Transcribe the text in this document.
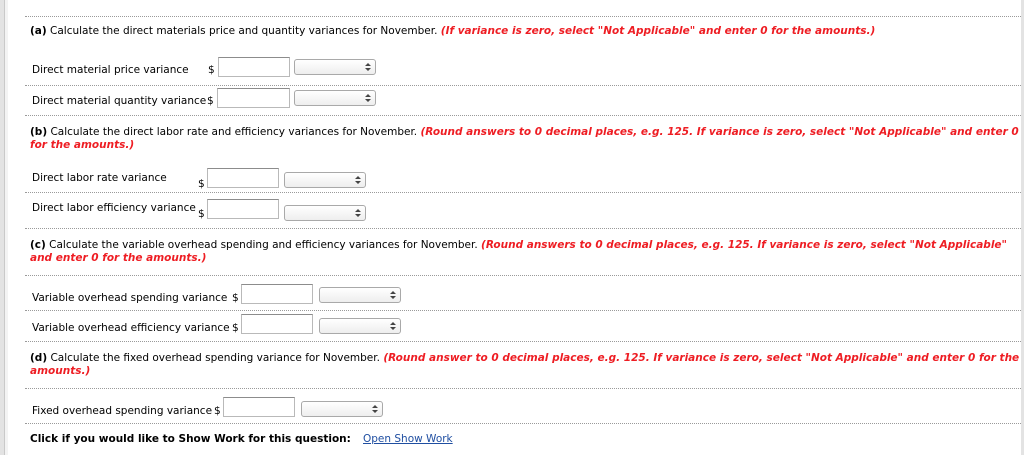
(a) Calculate the direct materials price and quantity variances for November. (If variance is zero, select "Not Applicable" and enter 0 for the amounts.)
Direct material price variance $
Direct material quantity variance $
(b) Calculate the direct labor rate and efficiency variances for November. (Round answers to 0 decimal places, e.g. 125. If variance is zero, select "Not Applicable" and enter 0 for the amounts.)
Direct labor rate variance	$
Direct labor efficiency variance $
(c) Calculate the variable overhead spending and efficiency variances for November. (Round answers to 0 decimal places, e.g. 125. If variance is zero, select "Not Applicable" and enter 0 for the amounts.)
Variable overhead spending variance $
Variable overhead efficiency variance $
(d) Calculate the fixed overhead spending variance for November. (Round answer to 0 decimal places, e.g. 125. If variance is zero, select "Not Applicable" and enter 0 for the amounts.)
Fixed overhead spending variance $
Click if you would like to Show Work for this question: Open Show Work
